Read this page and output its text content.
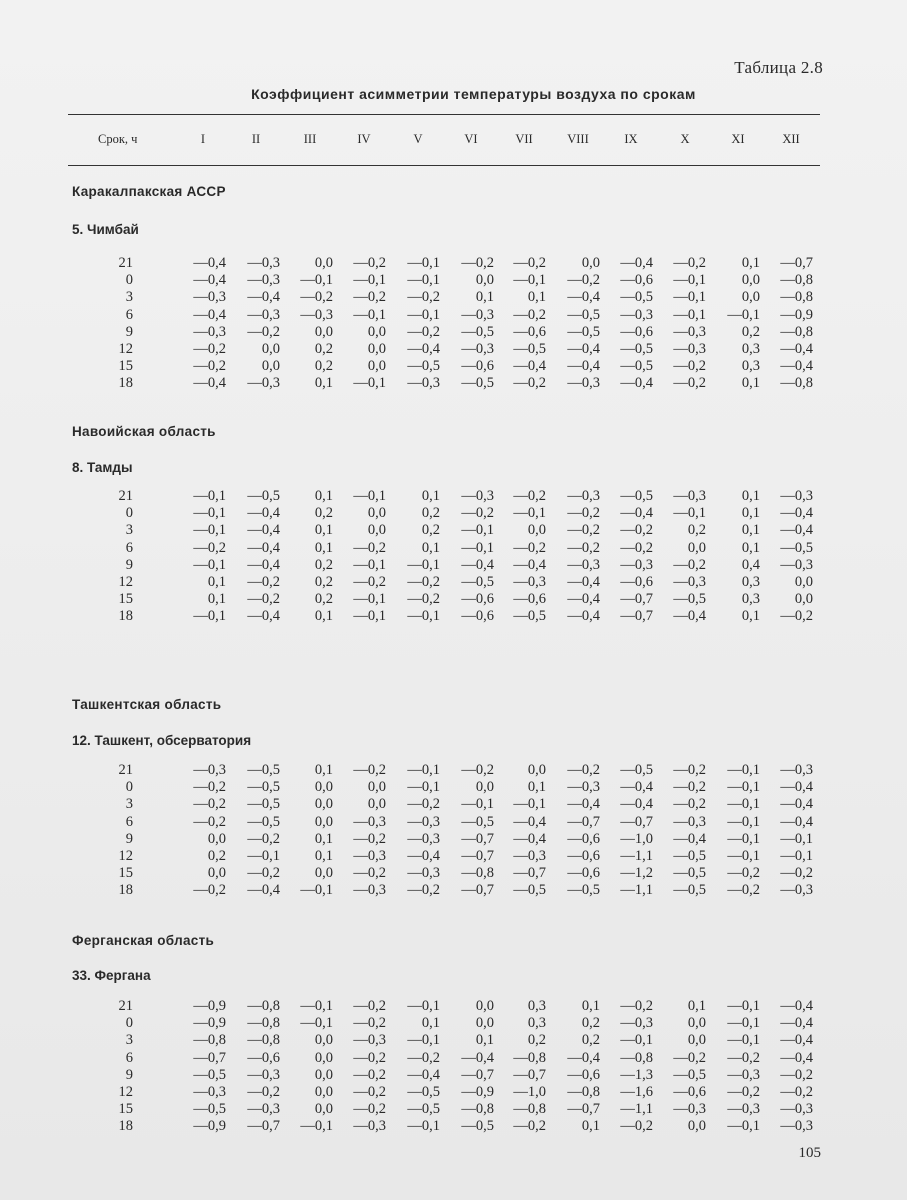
Таблица 2.8
Коэффициент асимметрии температуры воздуха по срокам
Срок, ч	I	II	III	IV	V	VI	VII	VIII	IX	X	XI	XII
Каракалпакская АССР
5. Чимбай
21	—0,4 —0,3 0,0 —0,2 —0,1 —0,2 —0,2 0,0 —0,4 —0,2 0,1 —0,7
0	—0,4 —0,3 —0,1 —0,1 —0,1 0,0 —0,1 —0,2 —0,6 —0,1 0,0 —0,8
3	—0,3 —0,4 —0,2 —0,2 —0,2 0,1 0,1 —0,4 —0,5 —0,1 0,0 —0,8
6	—0,4 —0,3 —0,3 —0,1 —0,1 —0,3 —0,2 —0,5 —0,3 —0,1 —0,1 —0,9
9	—0,3 —0,2 0,0 0,0 —0,2 —0,5 —0,6 —0,5 —0,6 —0,3 0,2 —0,8
12	—0,2 0,0 0,2 0,0 —0,4 —0,3 —0,5 —0,4 —0,5 —0,3 0,3 —0,4
15	—0,2 0,0 0,2 0,0 —0,5 —0,6 —0,4 —0,4 —0,5 —0,2 0,3 —0,4
18	—0,4 —0,3 0,1 —0,1 —0,3 —0,5 —0,2 —0,3 —0,4 —0,2 0,1 —0,8
Навоийская область
8. Тамды
21	—0,1 —0,5 0,1 —0,1 0,1 —0,3 —0,2 —0,3 —0,5 —0,3 0,1 —0,3
0	—0,1 —0,4 0,2 0,0 0,2 —0,2 —0,1 —0,2 —0,4 —0,1 0,1 —0,4
3	—0,1 —0,4 0,1 0,0 0,2 —0,1 0,0 —0,2 —0,2 0,2 0,1 —0,4
6	—0,2 —0,4 0,1 —0,2 0,1 —0,1 —0,2 —0,2 —0,2 0,0 0,1 —0,5
9	—0,1 —0,4 0,2 —0,1 —0,1 —0,4 —0,4 —0,3 —0,3 —0,2 0,4 —0,3
12	0,1 —0,2 0,2 —0,2 —0,2 —0,5 —0,3 —0,4 —0,6 —0,3 0,3 0,0
15	0,1 —0,2 0,2 —0,1 —0,2 —0,6 —0,6 —0,4 —0,7 —0,5 0,3 0,0
18	—0,1 —0,4 0,1 —0,1 —0,1 —0,6 —0,5 —0,4 —0,7 —0,4 0,1 —0,2
Ташкентская область
12. Ташкент, обсерватория
21	—0,3 —0,5 0,1 —0,2 —0,1 —0,2 0,0 —0,2 —0,5 —0,2 —0,1 —0,3
0	—0,2 —0,5 0,0 0,0 —0,1 0,0 0,1 —0,3 —0,4 —0,2 —0,1 —0,4
3	—0,2 —0,5 0,0 0,0 —0,2 —0,1 —0,1 —0,4 —0,4 —0,2 —0,1 —0,4
6	—0,2 —0,5 0,0 —0,3 —0,3 —0,5 —0,4 —0,7 —0,7 —0,3 —0,1 —0,4
9	0,0 —0,2 0,1 —0,2 —0,3 —0,7 —0,4 —0,6 —1,0 —0,4 —0,1 —0,1
12	0,2 —0,1 0,1 —0,3 —0,4 —0,7 —0,3 —0,6 —1,1 —0,5 —0,1 —0,1
15	0,0 —0,2 0,0 —0,2 —0,3 —0,8 —0,7 —0,6 —1,2 —0,5 —0,2 —0,2
18	—0,2 —0,4 —0,1 —0,3 —0,2 —0,7 —0,5 —0,5 —1,1 —0,5 —0,2 —0,3
Ферганская область
33. Фергана
21	—0,9 —0,8 —0,1 —0,2 —0,1 0,0 0,3 0,1 —0,2 0,1 —0,1 —0,4
0	—0,9 —0,8 —0,1 —0,2 0,1 0,0 0,3 0,2 —0,3 0,0 —0,1 —0,4
3	—0,8 —0,8 0,0 —0,3 —0,1 0,1 0,2 0,2 —0,1 0,0 —0,1 —0,4
6	—0,7 —0,6 0,0 —0,2 —0,2 —0,4 —0,8 —0,4 —0,8 —0,2 —0,2 —0,4
9	—0,5 —0,3 0,0 —0,2 —0,4 —0,7 —0,7 —0,6 —1,3 —0,5 —0,3 —0,2
12	—0,3 —0,2 0,0 —0,2 —0,5 —0,9 —1,0 —0,8 —1,6 —0,6 —0,2 —0,2
15	—0,5 —0,3 0,0 —0,2 —0,5 —0,8 —0,8 —0,7 —1,1 —0,3 —0,3 —0,3
18	—0,9 —0,7 —0,1 —0,3 —0,1 —0,5 —0,2 0,1 —0,2 0,0 —0,1 —0,3
105
